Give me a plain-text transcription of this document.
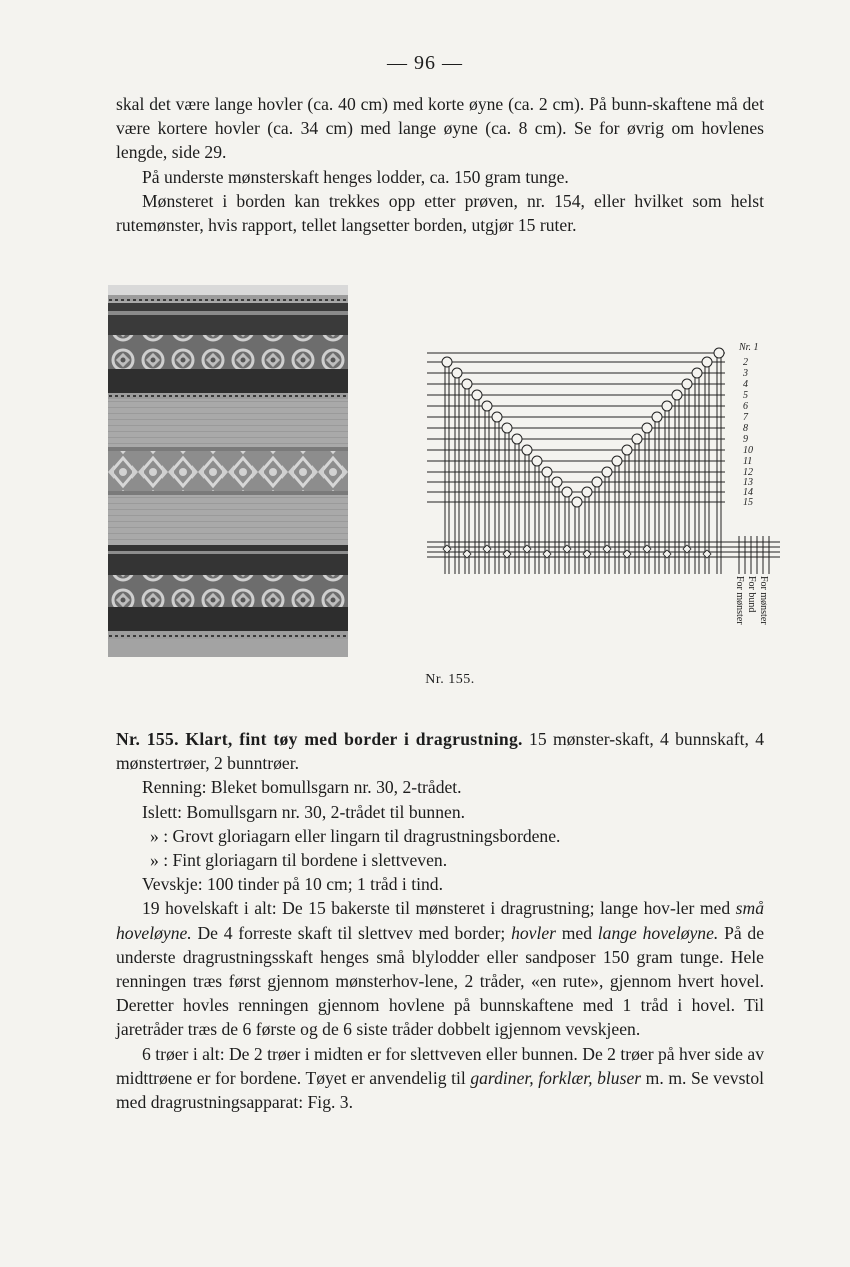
— 96 —

skal det være lange hovler (ca. 40 cm) med korte øyne (ca. 2 cm). På bunn-skaftene må det være kortere hovler (ca. 34 cm) med lange øyne (ca. 8 cm). Se for øvrig om hovlenes lengde, side 29.

På underste mønsterskaft henges lodder, ca. 150 gram tunge.

Mønsteret i borden kan trekkes opp etter prøven, nr. 154, eller hvilket som helst rutemønster, hvis rapport, tellet langsetter borden, utgjør 15 ruter.

Nr. 1
2
3
4
5
6
7
8
9
10
11
12
13
14
15
For mønster
For bund
For mønster
Nr. 155.

Nr. 155. Klart, fint tøy med border i dragrustning. 15 mønster-skaft, 4 bunnskaft, 4 mønstertrøer, 2 bunntrøer.

Renning: Bleket bomullsgarn nr. 30, 2-trådet.

Islett: Bomullsgarn nr. 30, 2-trådet til bunnen.

» : Grovt gloriagarn eller lingarn til dragrustningsbordene.

» : Fint gloriagarn til bordene i slettveven.

Vevskje: 100 tinder på 10 cm; 1 tråd i tind.

19 hovelskaft i alt: De 15 bakerste til mønsteret i dragrustning; lange hov-ler med små hoveløyne. De 4 forreste skaft til slettvev med border; hovler med lange hoveløyne. På de underste dragrustningsskaft henges små blylodder eller sandposer 150 gram tunge. Hele renningen træs først gjennom mønsterhov-lene, 2 tråder, «en rute», gjennom hvert hovel. Deretter hovles renningen gjennom hovlene på bunnskaftene med 1 tråd i hovel. Til jaretråder træs de 6 første og de 6 siste tråder dobbelt igjennom vevskjeen.

6 trøer i alt: De 2 trøer i midten er for slettveven eller bunnen. De 2 trøer på hver side av midttrøene er for bordene. Tøyet er anvendelig til gardiner, forklær, bluser m. m. Se vevstol med dragrustningsapparat: Fig. 3.
